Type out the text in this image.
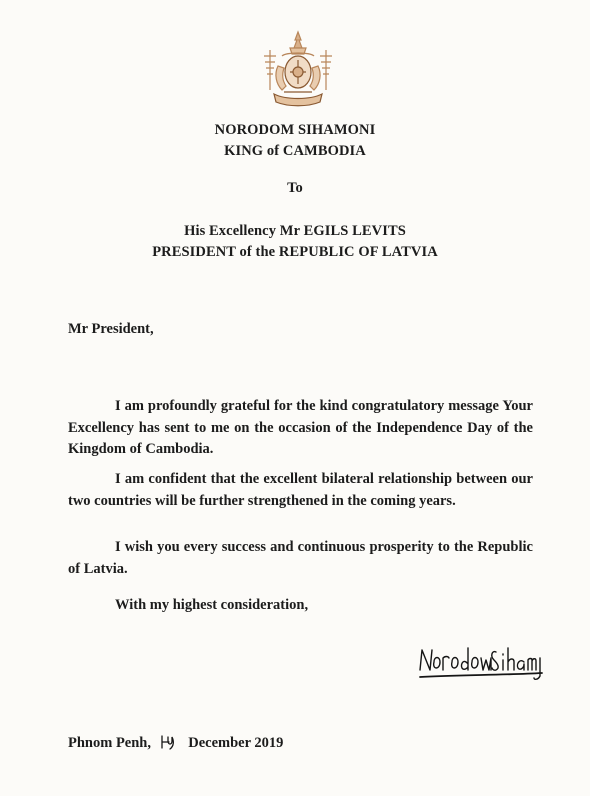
NORODOM SIHAMONI
KING of CAMBODIA
To
His Excellency Mr EGILS LEVITS
PRESIDENT of the REPUBLIC OF LATVIA
Mr President,

I am profoundly grateful for the kind congratulatory message Your Excellency has sent to me on the occasion of the Independence Day of the Kingdom of Cambodia.

I am confident that the excellent bilateral relationship between our two countries will be further strengthened in the coming years.

I wish you every success and continuous prosperity to the Republic of Latvia.

With my highest consideration,
Phnom Penh,	December 2019
